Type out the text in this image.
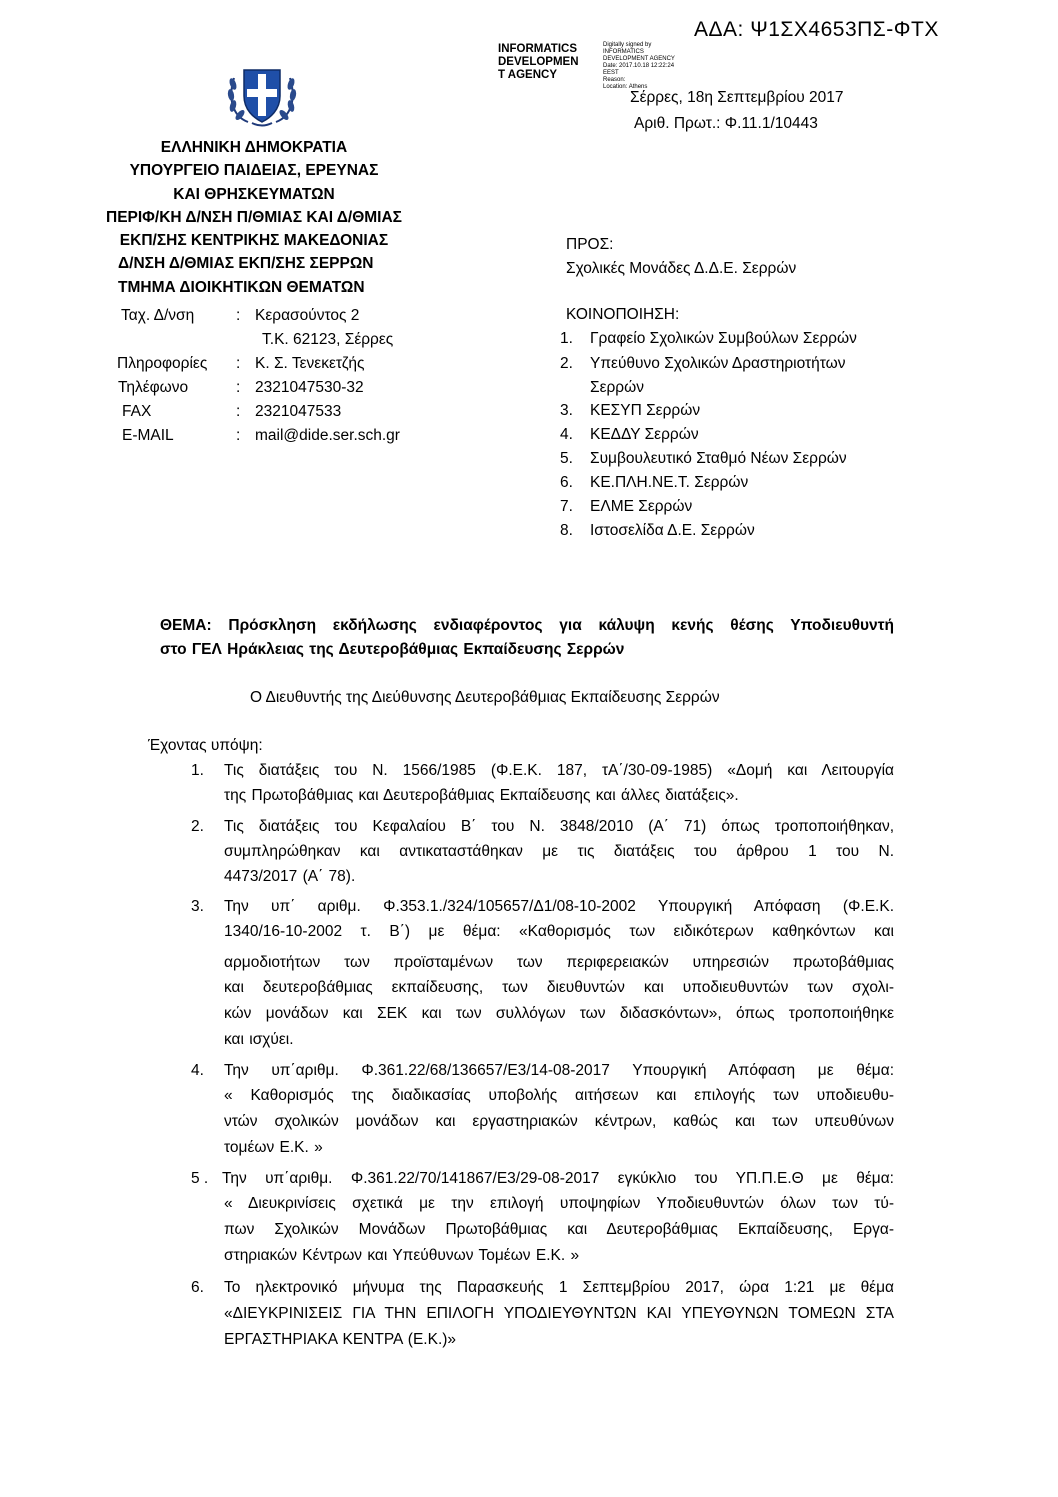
ΑΔΑ: Ψ1ΣΧ4653ΠΣ-ΦΤΧ
INFORMATICS
DEVELOPMEN
T AGENCY
Digitally signed by
INFORMATICS
DEVELOPMENT AGENCY
Date: 2017.10.18 12:22:24
EEST
Reason:
Location: Athens
Σέρρες, 18η Σεπτεμβρίου 2017
Αριθ. Πρωτ.: Φ.11.1/10443
ΕΛΛΗΝΙΚΗ ΔΗΜΟΚΡΑΤΙΑ
ΥΠΟΥΡΓΕΙΟ ΠΑΙΔΕΙΑΣ, ΕΡΕΥΝΑΣ
ΚΑΙ ΘΡΗΣΚΕΥΜΑΤΩΝ
ΠΕΡΙΦ/ΚΗ Δ/ΝΣΗ Π/ΘΜΙΑΣ ΚΑΙ Δ/ΘΜΙΑΣ
ΕΚΠ/ΣΗΣ ΚΕΝΤΡΙΚΗΣ ΜΑΚΕΔΟΝΙΑΣ
Δ/ΝΣΗ Δ/ΘΜΙΑΣ ΕΚΠ/ΣΗΣ ΣΕΡΡΩΝ
ΤΜΗΜΑ ΔΙΟΙΚΗΤΙΚΩΝ ΘΕΜΑΤΩΝ
Ταχ. Δ/νση	: Κερασούντος 2
Τ.Κ. 62123, Σέρρες
Πληροφορίες : Κ. Σ. Τενεκετζής
Τηλέφωνο	: 2321047530-32
FAX	: 2321047533
E-MAIL	: mail@dide.ser.sch.gr
ΠΡΟΣ:
Σχολικές Μονάδες Δ.Δ.Ε. Σερρών
ΚΟΙΝΟΠΟΙΗΣΗ:
1. Γραφείο Σχολικών Συμβούλων Σερρών
2. Υπεύθυνο Σχολικών Δραστηριοτήτων
Σερρών
3. ΚΕΣΥΠ Σερρών
4. ΚΕΔΔΥ Σερρών
5. Συμβουλευτικό Σταθμό Νέων Σερρών
6. ΚΕ.ΠΛΗ.ΝΕ.Τ. Σερρών
7. ΕΛΜΕ Σερρών
8. Ιστοσελίδα Δ.Ε. Σερρών
ΘΕΜΑ: Πρόσκληση εκδήλωσης ενδιαφέροντος για κάλυψη κενής θέσης Υποδιευθυντή
στο ΓΕΛ Ηράκλειας της Δευτεροβάθμιας Εκπαίδευσης Σερρών
Ο Διευθυντής της Διεύθυνσης Δευτεροβάθμιας Εκπαίδευσης Σερρών
Έχοντας υπόψη:
1. Τις διατάξεις του Ν. 1566/1985 (Φ.Ε.Κ. 187, τΑ΄/30-09-1985) «Δομή και Λειτουργία
της Πρωτοβάθμιας και Δευτεροβάθμιας Εκπαίδευσης και άλλες διατάξεις».
2. Τις διατάξεις του Κεφαλαίου Β΄ του Ν. 3848/2010 (Α΄ 71) όπως τροποποιήθηκαν,
συμπληρώθηκαν και αντικαταστάθηκαν με τις διατάξεις του άρθρου 1 του Ν.
4473/2017 (Α΄ 78).
3. Την υπ΄ αριθμ. Φ.353.1./324/105657/Δ1/08-10-2002 Υπουργική Απόφαση (Φ.Ε.Κ.
1340/16-10-2002 τ. Β΄) με θέμα: «Καθορισμός των ειδικότερων καθηκόντων και
αρμοδιοτήτων των προϊσταμένων των περιφερειακών υπηρεσιών πρωτοβάθμιας
και δευτεροβάθμιας εκπαίδευσης, των διευθυντών και υποδιευθυντών των σχολι-
κών μονάδων και ΣΕΚ και των συλλόγων των διδασκόντων», όπως τροποποιήθηκε
και ισχύει.
4. Την υπ΄αριθμ. Φ.361.22/68/136657/Ε3/14-08-2017 Υπουργική Απόφαση με θέμα:
« Καθορισμός της διαδικασίας υποβολής αιτήσεων και επιλογής των υποδιευθυ-
ντών σχολικών μονάδων και εργαστηριακών κέντρων, καθώς και των υπευθύνων
τομέων Ε.Κ. »
5 . Την υπ΄αριθμ. Φ.361.22/70/141867/Ε3/29-08-2017 εγκύκλιο του ΥΠ.Π.Ε.Θ με θέμα:
« Διευκρινίσεις σχετικά με την επιλογή υποψηφίων Υποδιευθυντών όλων των τύ-
πων Σχολικών Μονάδων Πρωτοβάθμιας και Δευτεροβάθμιας Εκπαίδευσης, Εργα-
στηριακών Κέντρων και Υπεύθυνων Τομέων Ε.Κ. »
6. Το ηλεκτρονικό μήνυμα της Παρασκευής 1 Σεπτεμβρίου 2017, ώρα 1:21 με θέμα
«ΔΙΕΥΚΡΙΝΙΣΕΙΣ ΓΙΑ ΤΗΝ ΕΠΙΛΟΓΗ ΥΠΟΔΙΕΥΘΥΝΤΩΝ ΚΑΙ ΥΠΕΥΘΥΝΩΝ ΤΟΜΕΩΝ ΣΤΑ
ΕΡΓΑΣΤΗΡΙΑΚΑ ΚΕΝΤΡΑ (Ε.Κ.)»
